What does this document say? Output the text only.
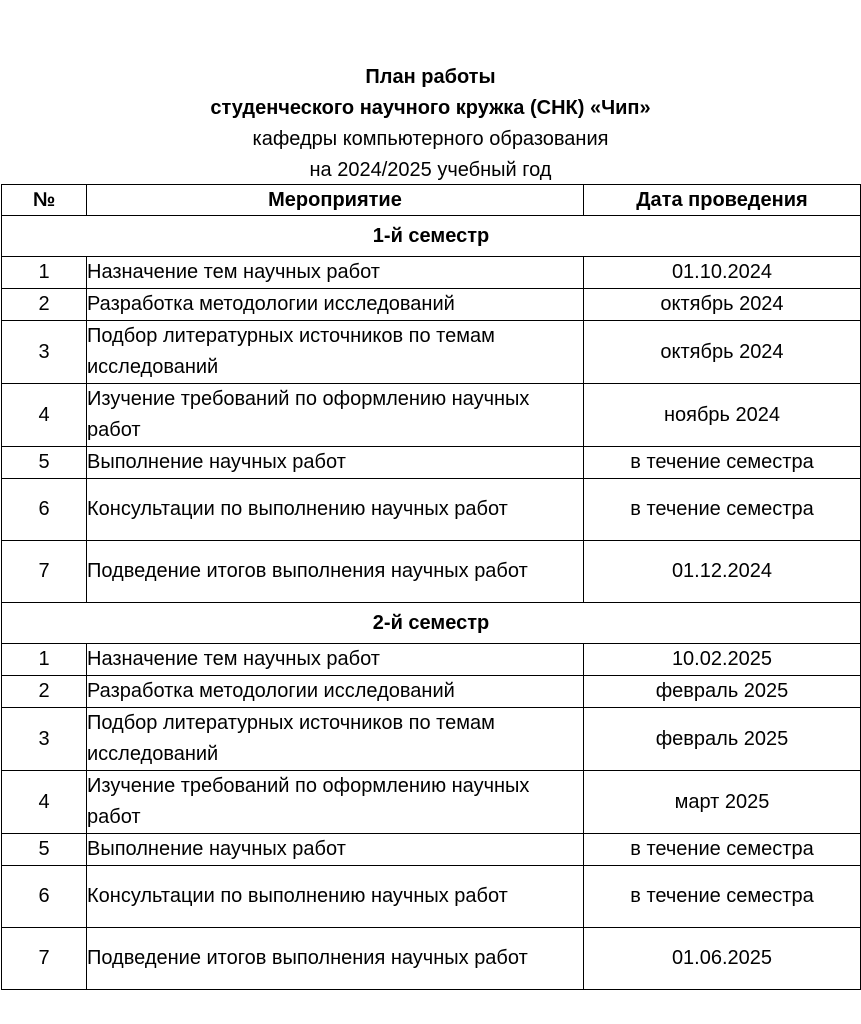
План работы
студенческого научного кружка (СНК) «Чип»
кафедры компьютерного образования
на 2024/2025 учебный год
№	Мероприятие	Дата проведения
1-й семестр		
1	Назначение тем научных работ	01.10.2024
2	Разработка методологии исследований	октябрь 2024
3	Подбор литературных источников по темам исследований	октябрь 2024
4	Изучение требований по оформлению научных работ	ноябрь 2024
5	Выполнение научных работ	в течение семестра
6	Консультации по выполнению научных работ	в течение семестра
7	Подведение итогов выполнения научных работ	01.12.2024
2-й семестр		
1	Назначение тем научных работ	10.02.2025
2	Разработка методологии исследований	февраль 2025
3	Подбор литературных источников по темам исследований	февраль 2025
4	Изучение требований по оформлению научных работ	март 2025
5	Выполнение научных работ	в течение семестра
6	Консультации по выполнению научных работ	в течение семестра
7	Подведение итогов выполнения научных работ	01.06.2025
